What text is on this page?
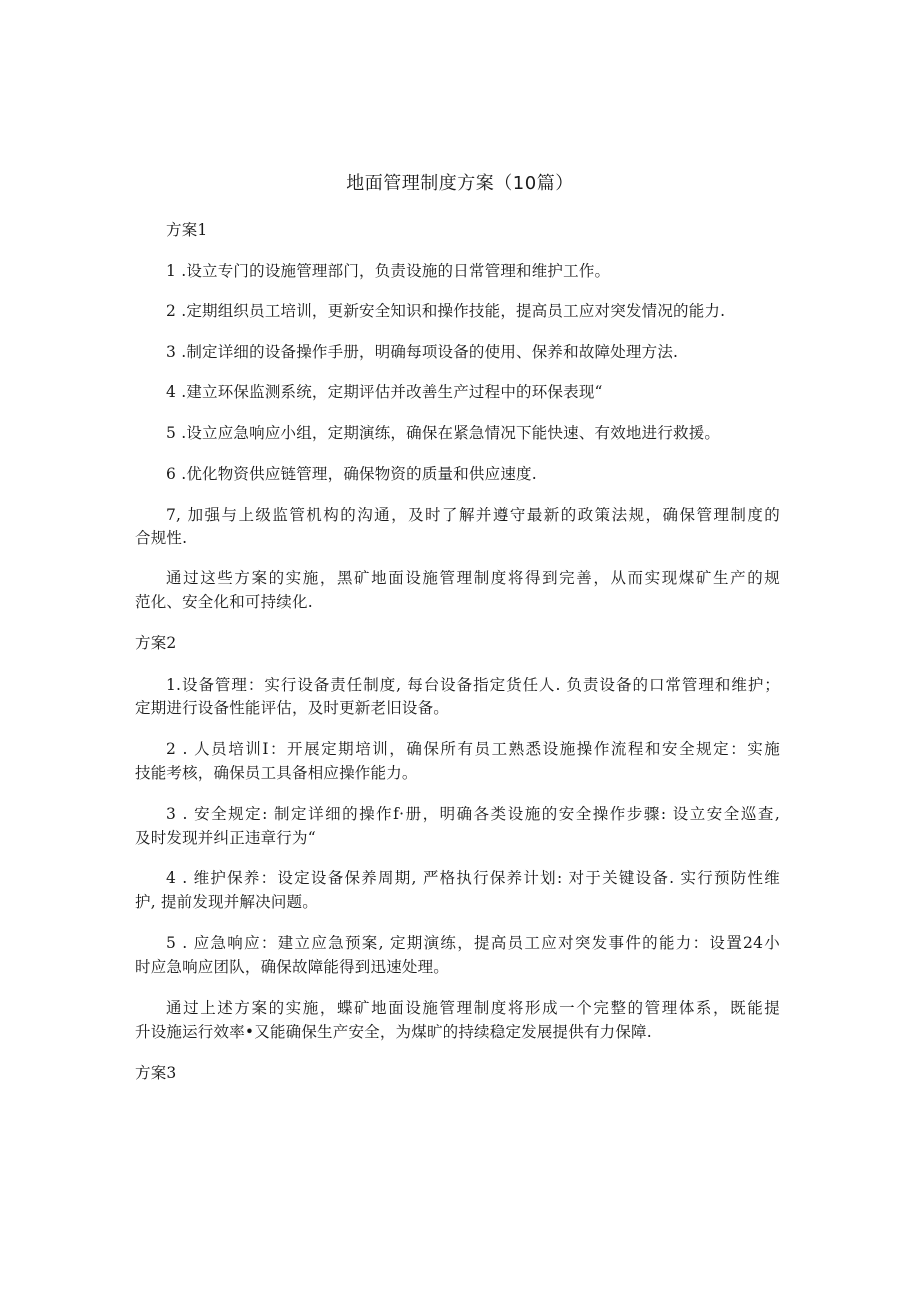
地面管理制度方案（10篇）

方案1

1 .设立专门的设施管理部门，负责设施的日常管理和维护工作。

2 .定期组织员工培训，更新安全知识和操作技能，提高员工应对突发情况的能力.

3 .制定详细的设备操作手册，明确每项设备的使用、保养和故障处理方法.

4 .建立环保监测系统，定期评估并改善生产过程中的环保表现“

5 .设立应急响应小组，定期演练，确保在紧急情况下能快速、有效地进行救援。

6 .优化物资供应链管理，确保物资的质量和供应速度.

7, 加强与上级监管机构的沟通，及时了解并遵守最新的政策法规，确保管理制度的

合规性.

通过这些方案的实施，黑矿地面设施管理制度将得到完善，从而实现煤矿生产的规

范化、安全化和可持续化.

方案2

1.设备管理：实行设备责任制度, 每台设备指定货任人. 负责设备的口常管理和维护；

定期进行设备性能评估，及时更新老旧设备。

2 . 人员培训I：开展定期培训，确保所有员工熟悉设施操作流程和安全规定：实施

技能考核，确保员工具备相应操作能力。

3 . 安全规定: 制定详细的操作f·册，明确各类设施的安全操作步骤: 设立安全巡查,

及时发现并纠正违章行为“

4 . 维护保养：设定设备保养周期, 严格执行保养计划: 对于关键设备. 实行预防性维

护, 提前发现并解决问题。

5 . 应急响应：建立应急预案, 定期演练，提高员工应对突发事件的能力：设置24小

时应急响应团队，确保故障能得到迅速处理。

通过上述方案的实施，蝶矿地面设施管理制度将形成一个完整的管理体系，既能提

升设施运行效率•又能确保生产安全，为煤旷的持续稳定发展提供有力保障.

方案3
